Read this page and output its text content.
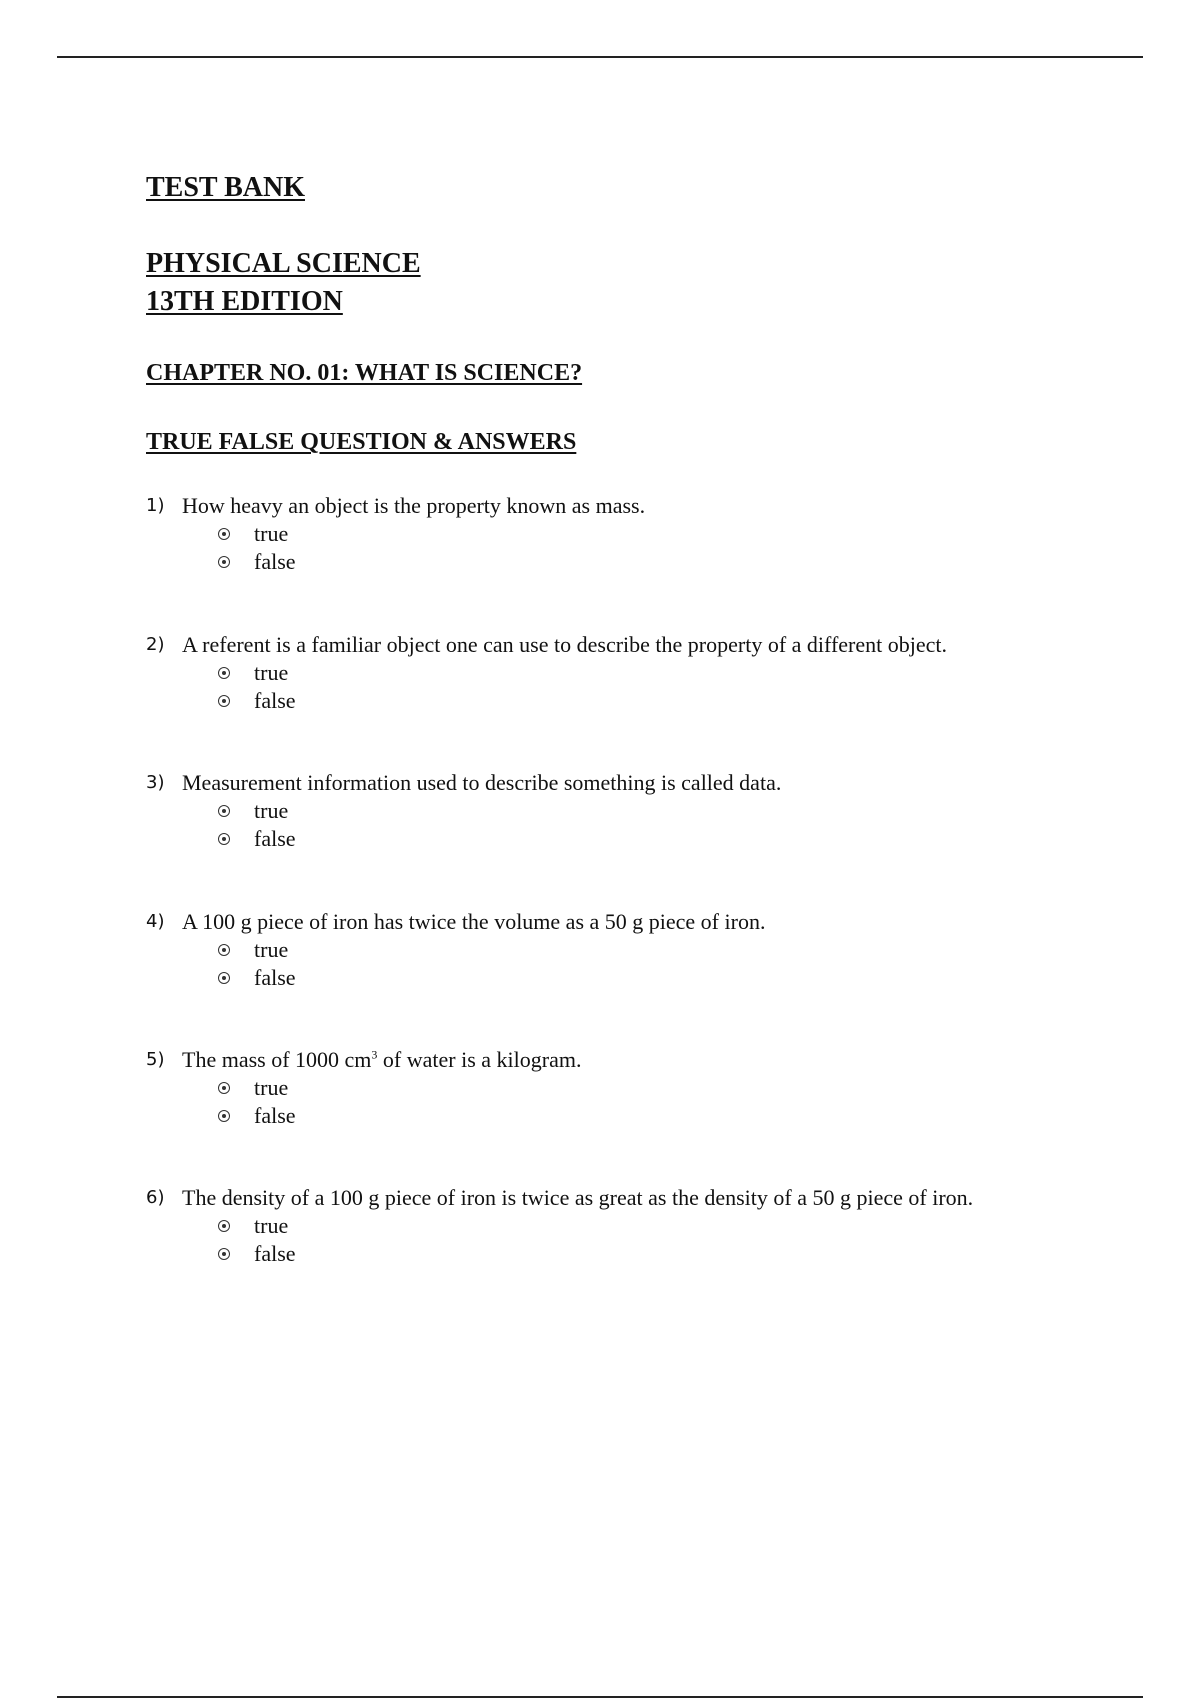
TEST BANK
PHYSICAL SCIENCE
13TH EDITION
CHAPTER NO. 01: WHAT IS SCIENCE?
TRUE FALSE QUESTION & ANSWERS
1) How heavy an object is the property known as mass.
true
false
2) A referent is a familiar object one can use to describe the property of a different object.
true
false
3) Measurement information used to describe something is called data.
true
false
4) A 100 g piece of iron has twice the volume as a 50 g piece of iron.
true
false
5) The mass of 1000 $cm^3$ of water is a kilogram.
true
false
6) The density of a 100 g piece of iron is twice as great as the density of a 50 g piece of iron.
true
false
